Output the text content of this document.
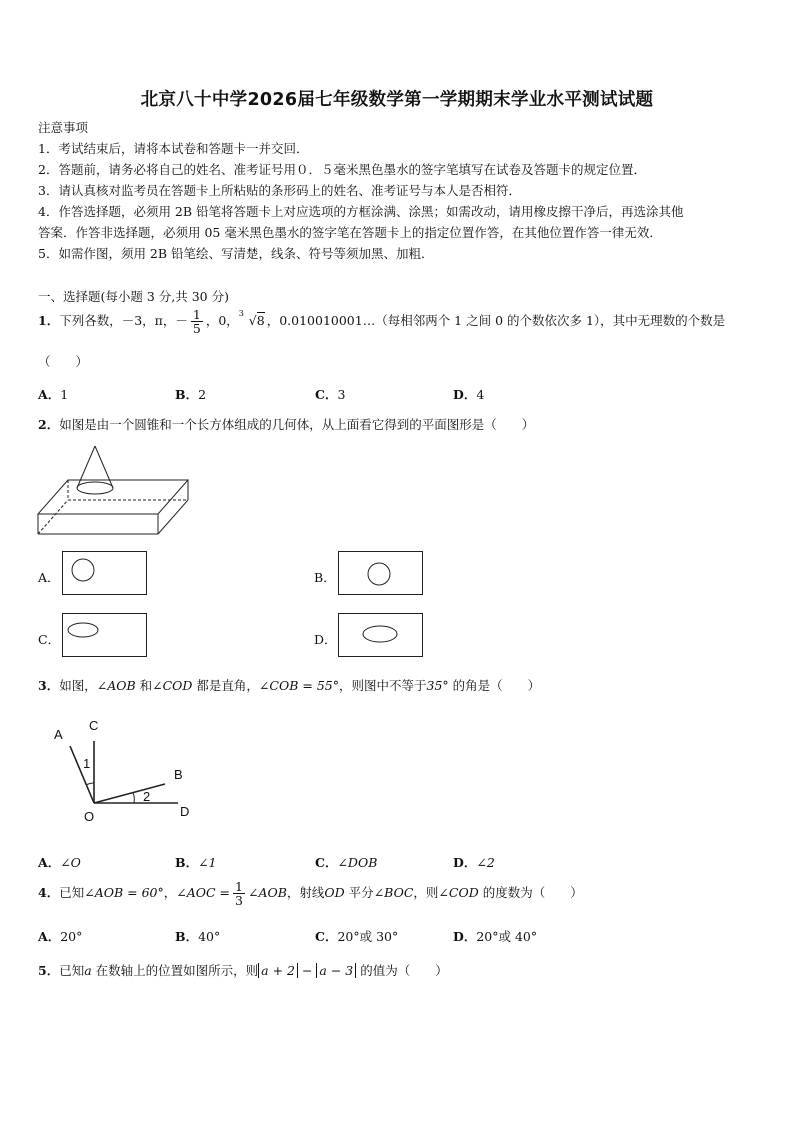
北京八十中学2026届七年级数学第一学期期末学业水平测试试题
注意事项
1．考试结束后，请将本试卷和答题卡一并交回．
2．答题前，请务必将自己的姓名、准考证号用０．５毫米黑色墨水的签字笔填写在试卷及答题卡的规定位置．
3．请认真核对监考员在答题卡上所粘贴的条形码上的姓名、准考证号与本人是否相符．
4．作答选择题，必须用 2B 铅笔将答题卡上对应选项的方框涂满、涂黑；如需改动，请用橡皮擦干净后，再选涂其他
答案．作答非选择题，必须用 05 毫米黑色墨水的签字笔在答题卡上的指定位置作答，在其他位置作答一律无效．
5．如需作图，须用 2B 铅笔绘、写清楚，线条、符号等须加黑、加粗．
一、选择题(每小题 3 分,共 30 分)
1．下列各数，－3，π，－ $\frac{1}{5}$ ，0， 3 √8 ，0.010010001…（每相邻两个 1 之间 0 的个数依次多 1），其中无理数的个数是
（　　）
A．1	B．2	C．3	D．4
2．如图是由一个圆锥和一个长方体组成的几何体，从上面看它得到的平面图形是（　　）
A．	B．
C．	D．
3．如图，∠AOB 和∠COD 都是直角，∠COB = 55°，则图中不等于35° 的角是（　　）
A
C
B
O	D
1
2
A．∠O	B．∠1	C．∠DOB	D．∠2
4．已知∠AOB = 60°，∠AOC = $\frac{1}{3}$ ∠AOB，射线OD 平分∠BOC，则∠COD 的度数为（　　）
A．20°	B．40°	C．20°或 30°	D．20°或 40°
5．已知a 在数轴上的位置如图所示，则 a + 2 − a − 3 的值为（　　）
